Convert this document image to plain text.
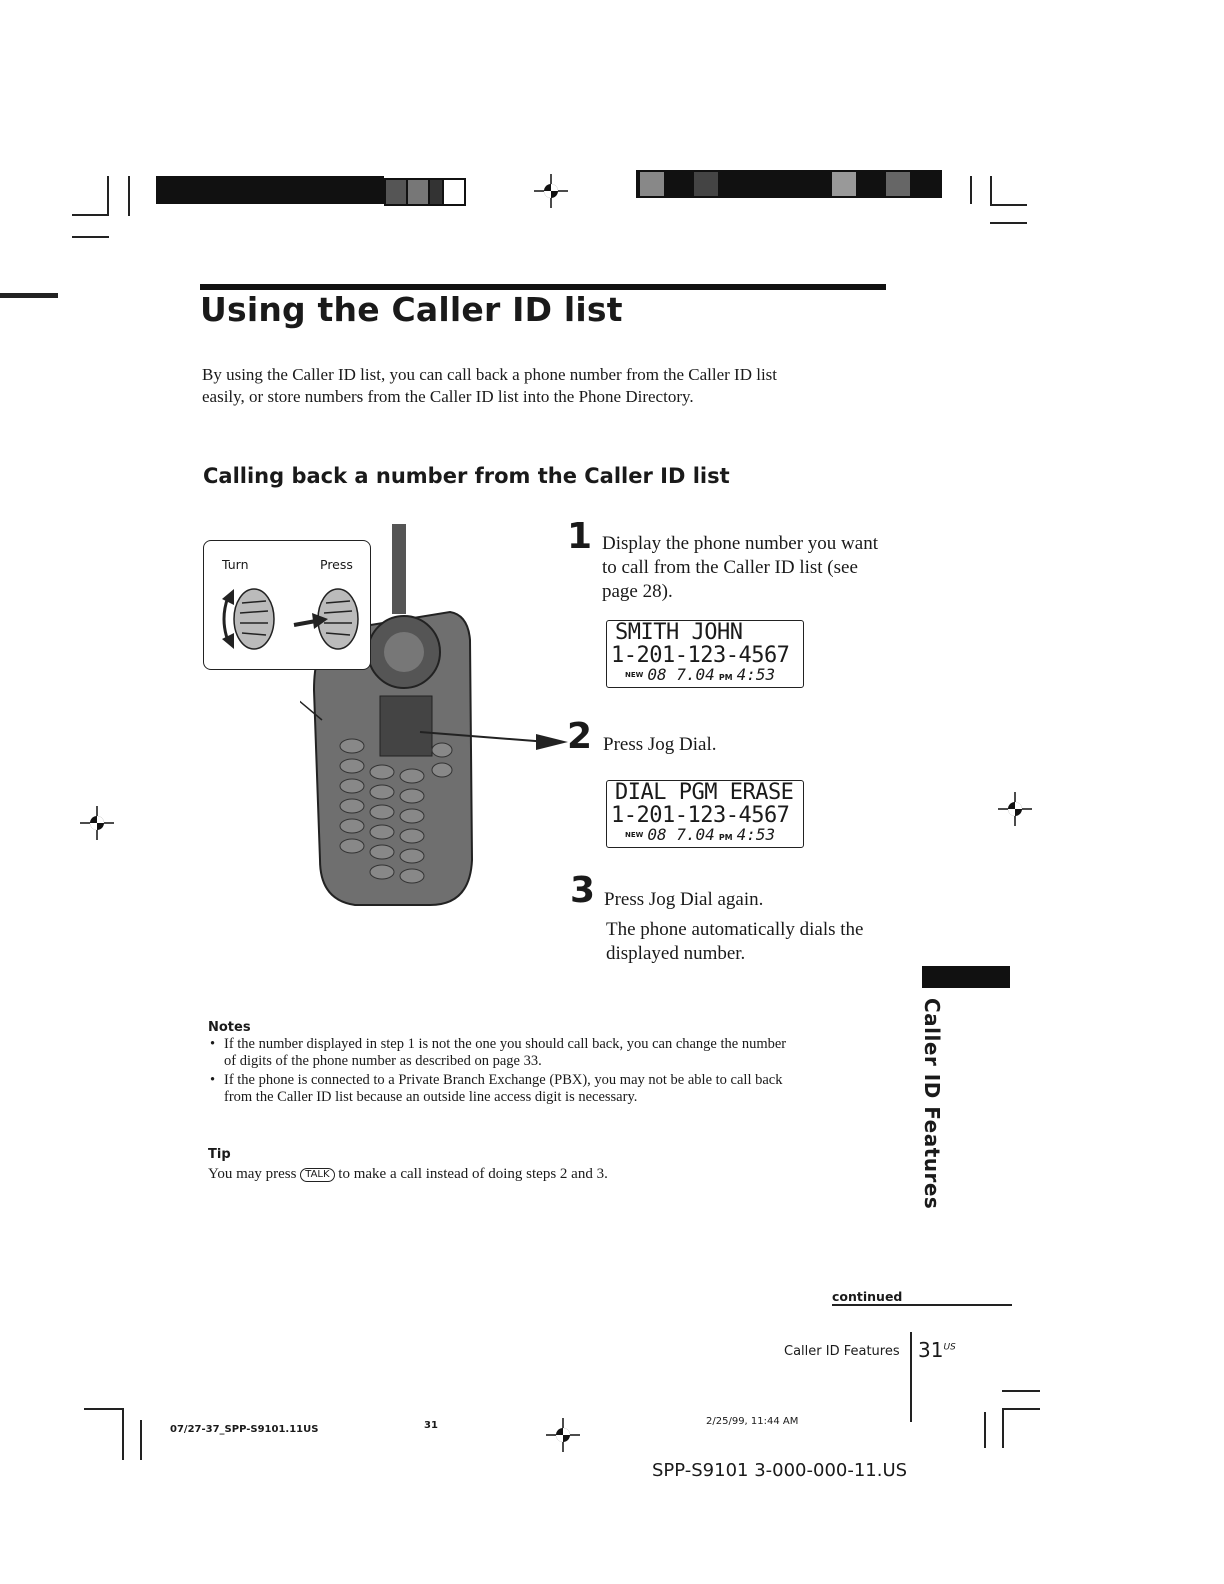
Using the Caller ID list
By using the Caller ID list, you can call back a phone number from the Caller ID list easily, or store numbers from the Caller ID list into the Phone Directory.
Calling back a number from the Caller ID list
Turn	Press
1 Display the phone number you want to call from the Caller ID list (see page 28).
SMITH JOHN
1-201-123-4567
NEW 08 7.04 PM 4:53
2 Press Jog Dial.
DIAL PGM ERASE
1-201-123-4567
NEW 08 7.04 PM 4:53
3 Press Jog Dial again.
The phone automatically dials the displayed number.
Caller ID Features
Notes
• If the number displayed in step 1 is not the one you should call back, you can change the number of digits of the phone number as described on page 33.
• If the phone is connected to a Private Branch Exchange (PBX), you may not be able to call back from the Caller ID list because an outside line access digit is necessary.
Tip
You may press TALK to make a call instead of doing steps 2 and 3.
continued
Caller ID Features $31^{US}$
07/27-37_SPP-S9101.11US	31	2/25/99, 11:44 AM
SPP-S9101 3-000-000-11.US
